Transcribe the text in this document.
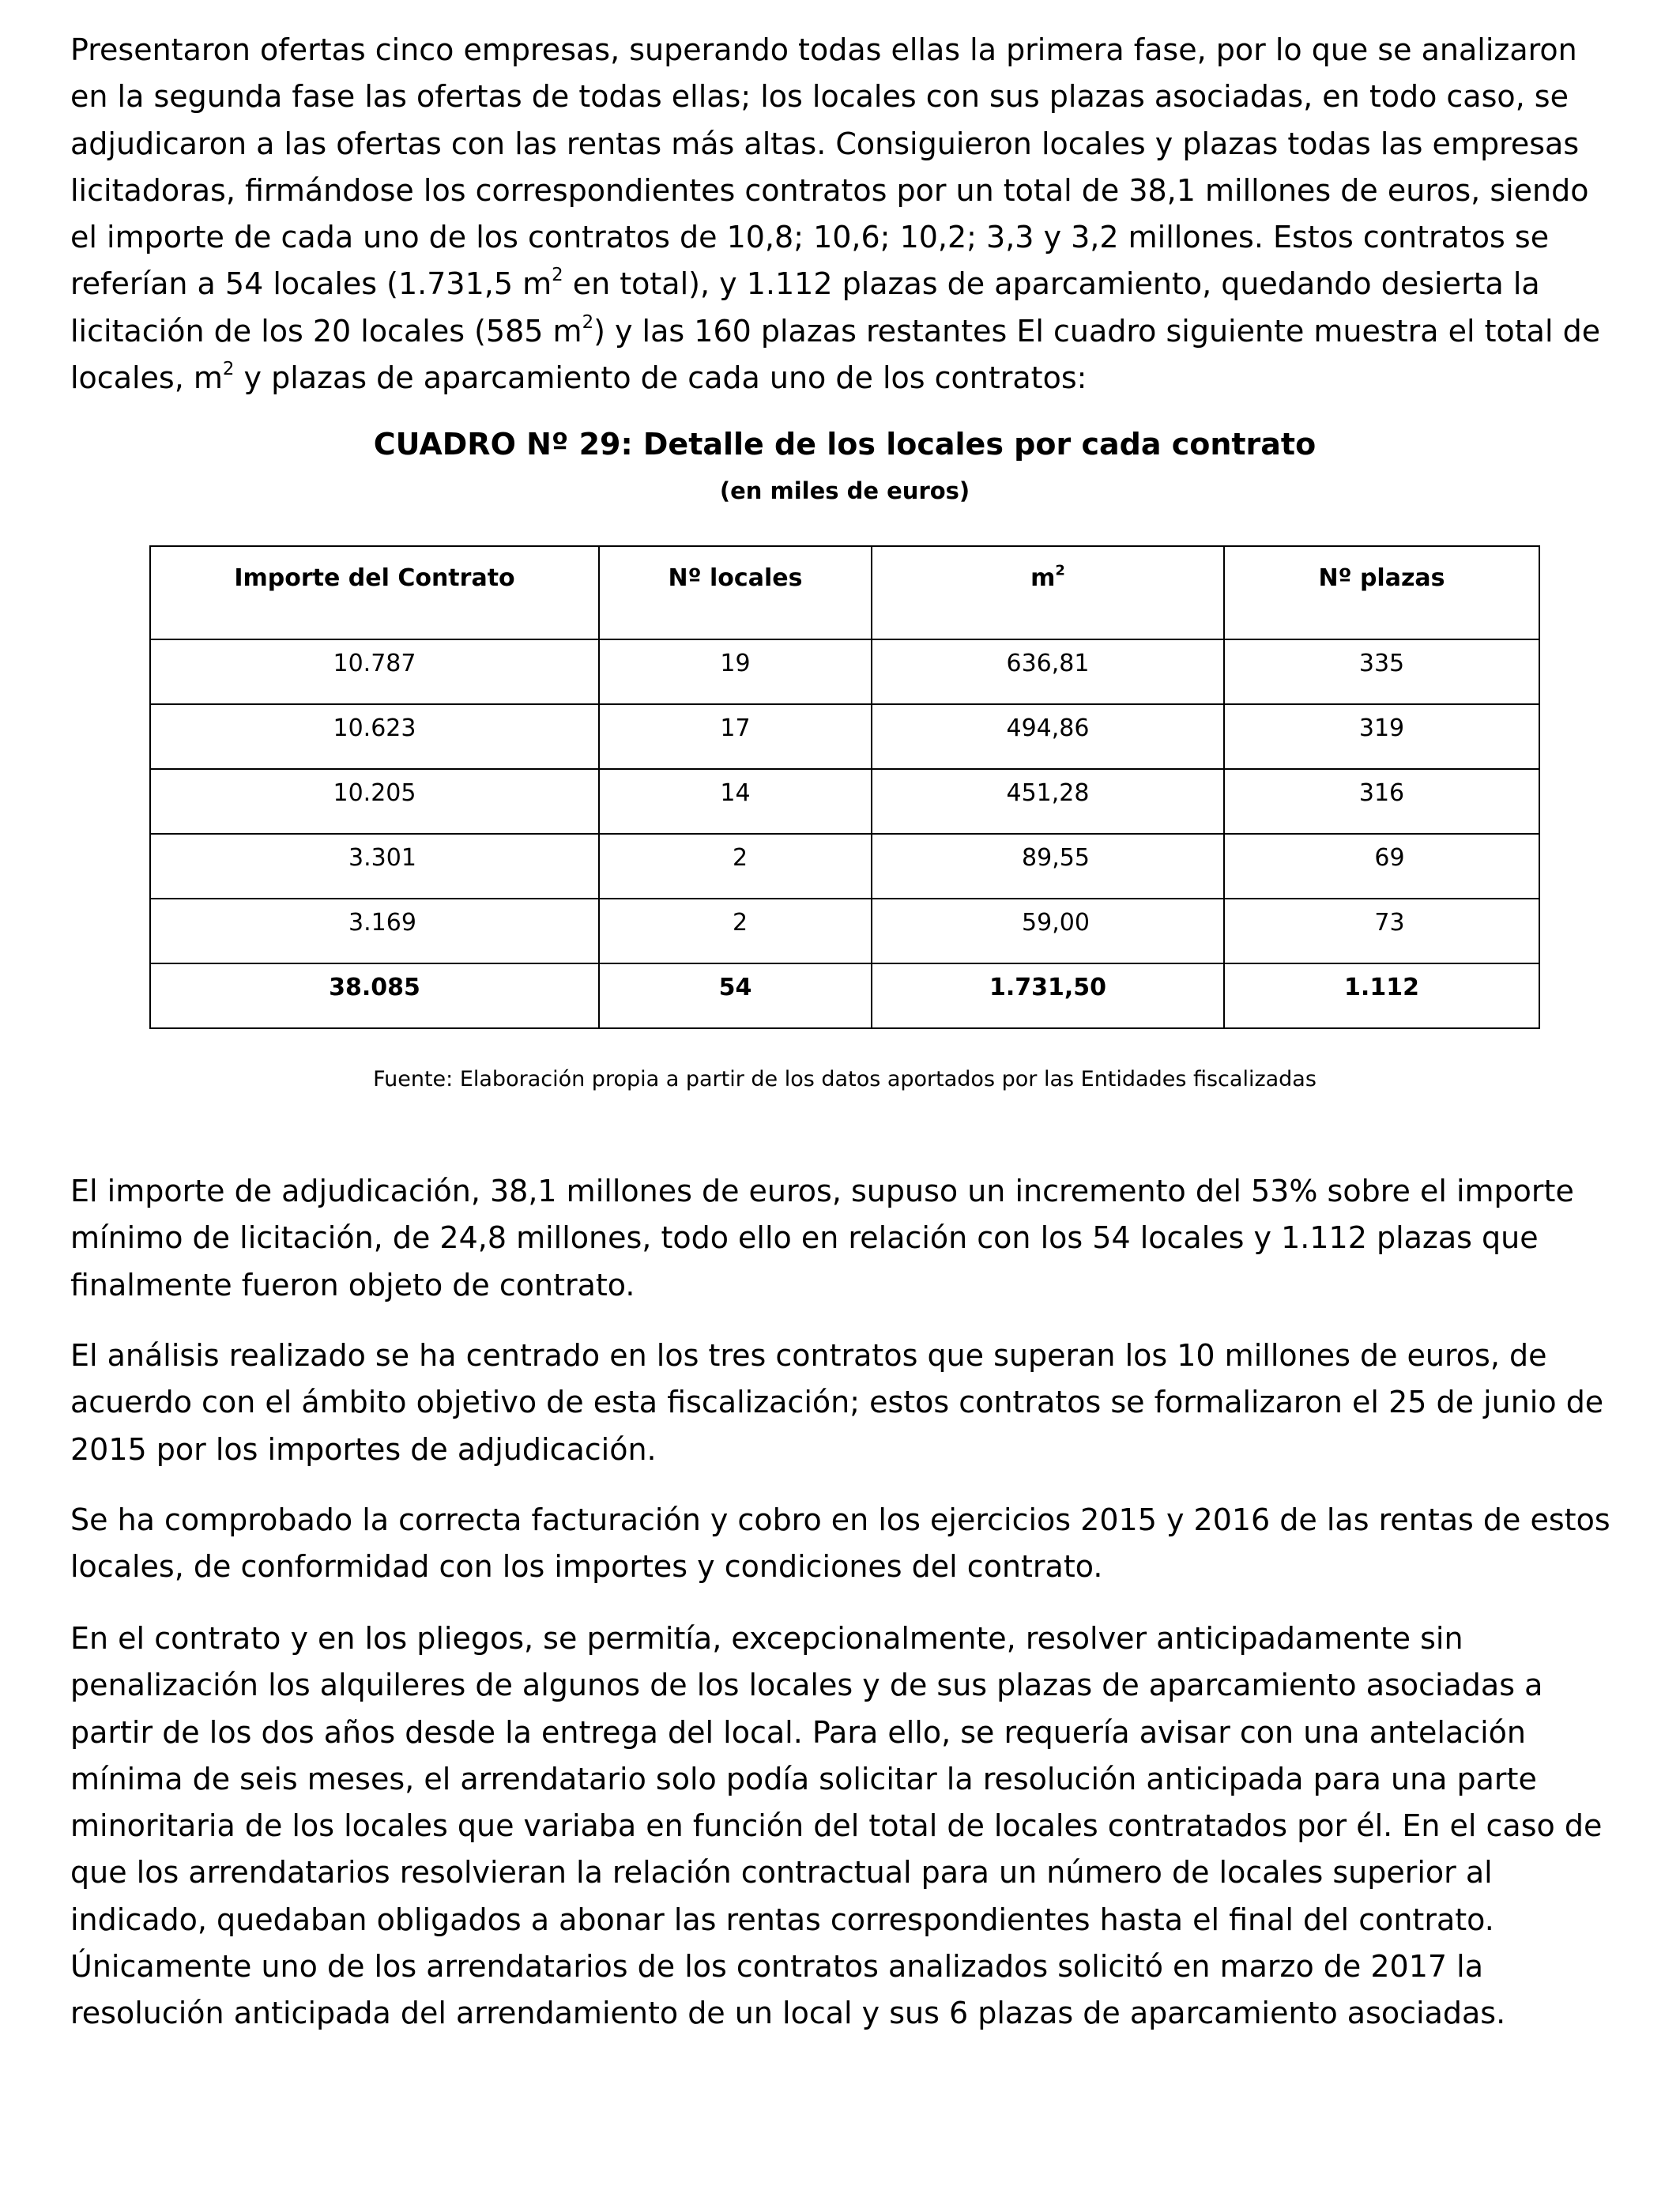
Presentaron ofertas cinco empresas, superando todas ellas la primera fase, por lo que se analizaron en la segunda fase las ofertas de todas ellas; los locales con sus plazas asociadas, en todo caso, se adjudicaron a las ofertas con las rentas más altas. Consiguieron locales y plazas todas las empresas licitadoras, firmándose los correspondientes contratos por un total de 38,1 millones de euros, siendo el importe de cada uno de los contratos de 10,8; 10,6; 10,2; 3,3 y 3,2 millones. Estos contratos se referían a 54 locales (1.731,5 $m^2$ en total), y 1.112 plazas de aparcamiento, quedando desierta la licitación de los 20 locales (585 $m^2$) y las 160 plazas restantes El cuadro siguiente muestra el total de locales, $m^2$ y plazas de aparcamiento de cada uno de los contratos:

CUADRO Nº 29: Detalle de los locales por cada contrato
(en miles de euros)
Importe del Contrato	Nº locales	$m^2$	Nº plazas
10.787	19	636,81	335
10.623	17	494,86	319
10.205	14	451,28	316
3.301	2	89,55	69
3.169	2	59,00	73
38.085	54	1.731,50	1.112
Fuente: Elaboración propia a partir de los datos aportados por las Entidades fiscalizadas

El importe de adjudicación, 38,1 millones de euros, supuso un incremento del 53% sobre el importe mínimo de licitación, de 24,8 millones, todo ello en relación con los 54 locales y 1.112 plazas que finalmente fueron objeto de contrato.

El análisis realizado se ha centrado en los tres contratos que superan los 10 millones de euros, de acuerdo con el ámbito objetivo de esta fiscalización; estos contratos se formalizaron el 25 de junio de 2015 por los importes de adjudicación.

Se ha comprobado la correcta facturación y cobro en los ejercicios 2015 y 2016 de las rentas de estos locales, de conformidad con los importes y condiciones del contrato.

En el contrato y en los pliegos, se permitía, excepcionalmente, resolver anticipadamente sin penalización los alquileres de algunos de los locales y de sus plazas de aparcamiento asociadas a partir de los dos años desde la entrega del local. Para ello, se requería avisar con una antelación mínima de seis meses, el arrendatario solo podía solicitar la resolución anticipada para una parte minoritaria de los locales que variaba en función del total de locales contratados por él. En el caso de que los arrendatarios resolvieran la relación contractual para un número de locales superior al indicado, quedaban obligados a abonar las rentas correspondientes hasta el final del contrato. Únicamente uno de los arrendatarios de los contratos analizados solicitó en marzo de 2017 la resolución anticipada del arrendamiento de un local y sus 6 plazas de aparcamiento asociadas.
